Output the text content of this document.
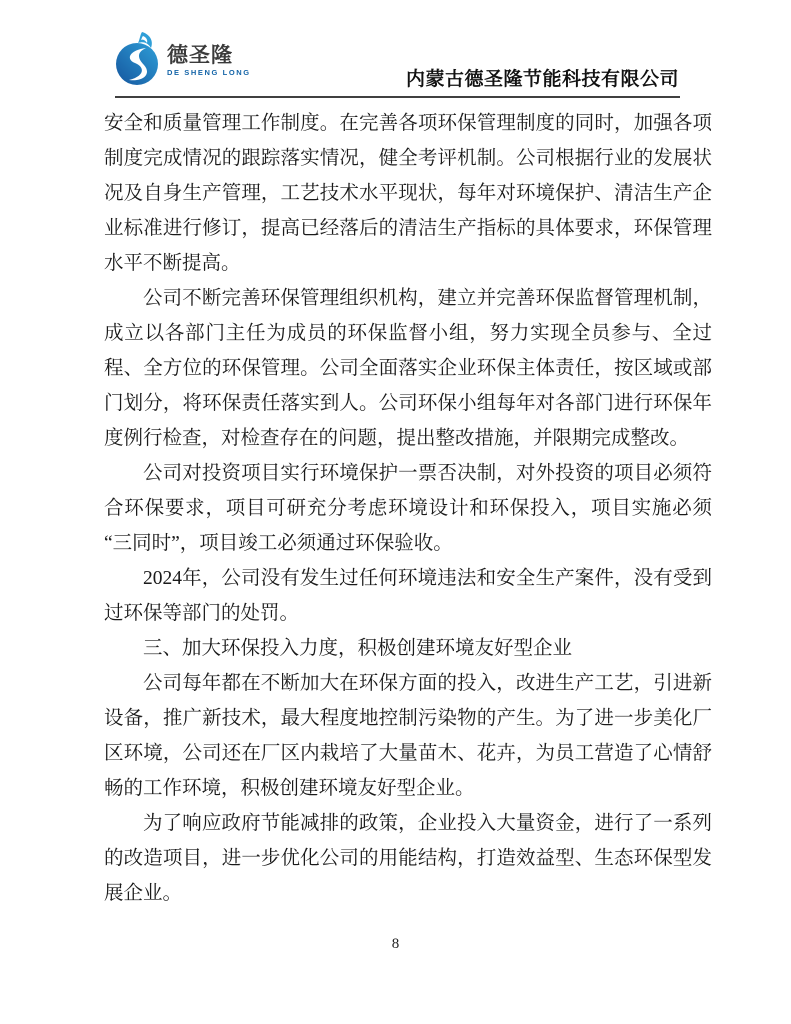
德圣隆
DE SHENG LONG	内蒙古德圣隆节能科技有限公司

安全和质量管理工作制度。在完善各项环保管理制度的同时，加强各项制度完成情况的跟踪落实情况，健全考评机制。公司根据行业的发展状况及自身生产管理，工艺技术水平现状，每年对环境保护、清洁生产企业标准进行修订，提高已经落后的清洁生产指标的具体要求，环保管理水平不断提高。

公司不断完善环保管理组织机构，建立并完善环保监督管理机制，成立以各部门主任为成员的环保监督小组，努力实现全员参与、全过程、全方位的环保管理。公司全面落实企业环保主体责任，按区域或部门划分，将环保责任落实到人。公司环保小组每年对各部门进行环保年度例行检查，对检查存在的问题，提出整改措施，并限期完成整改。

公司对投资项目实行环境保护一票否决制，对外投资的项目必须符合环保要求，项目可研充分考虑环境设计和环保投入，项目实施必须“三同时”，项目竣工必须通过环保验收。

2024年，公司没有发生过任何环境违法和安全生产案件，没有受到过环保等部门的处罚。

三、加大环保投入力度，积极创建环境友好型企业

公司每年都在不断加大在环保方面的投入，改进生产工艺，引进新设备，推广新技术，最大程度地控制污染物的产生。为了进一步美化厂区环境，公司还在厂区内栽培了大量苗木、花卉，为员工营造了心情舒畅的工作环境，积极创建环境友好型企业。

为了响应政府节能减排的政策，企业投入大量资金，进行了一系列的改造项目，进一步优化公司的用能结构，打造效益型、生态环保型发展企业。

8
